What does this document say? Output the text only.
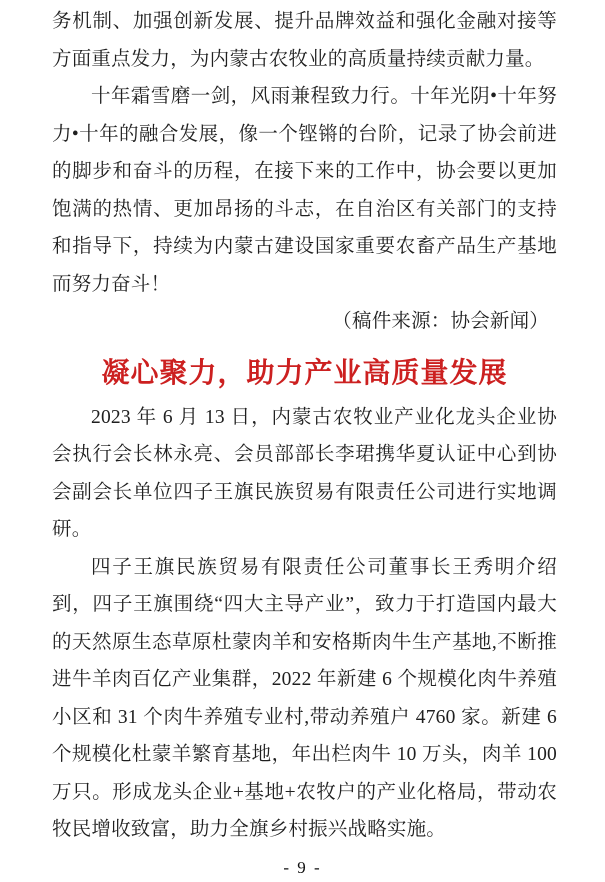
务机制、加强创新发展、提升品牌效益和强化金融对接等方面重点发力，为内蒙古农牧业的高质量持续贡献力量。

十年霜雪磨一剑，风雨兼程致力行。十年光阴•十年努力•十年的融合发展，像一个铿锵的台阶，记录了协会前进的脚步和奋斗的历程，在接下来的工作中，协会要以更加饱满的热情、更加昂扬的斗志，在自治区有关部门的支持和指导下，持续为内蒙古建设国家重要农畜产品生产基地而努力奋斗！

（稿件来源：协会新闻）

凝心聚力，助力产业高质量发展

2023 年 6 月 13 日，内蒙古农牧业产业化龙头企业协会执行会长林永亮、会员部部长李珺携华夏认证中心到协会副会长单位四子王旗民族贸易有限责任公司进行实地调研。

四子王旗民族贸易有限责任公司董事长王秀明介绍到，四子王旗围绕“四大主导产业”，致力于打造国内最大的天然原生态草原杜蒙肉羊和安格斯肉牛生产基地,不断推进牛羊肉百亿产业集群，2022 年新建 6 个规模化肉牛养殖小区和 31 个肉牛养殖专业村,带动养殖户 4760 家。新建 6 个规模化杜蒙羊繁育基地，年出栏肉牛 10 万头，肉羊 100 万只。形成龙头企业+基地+农牧户的产业化格局，带动农牧民增收致富，助力全旗乡村振兴战略实施。

- 9 -
